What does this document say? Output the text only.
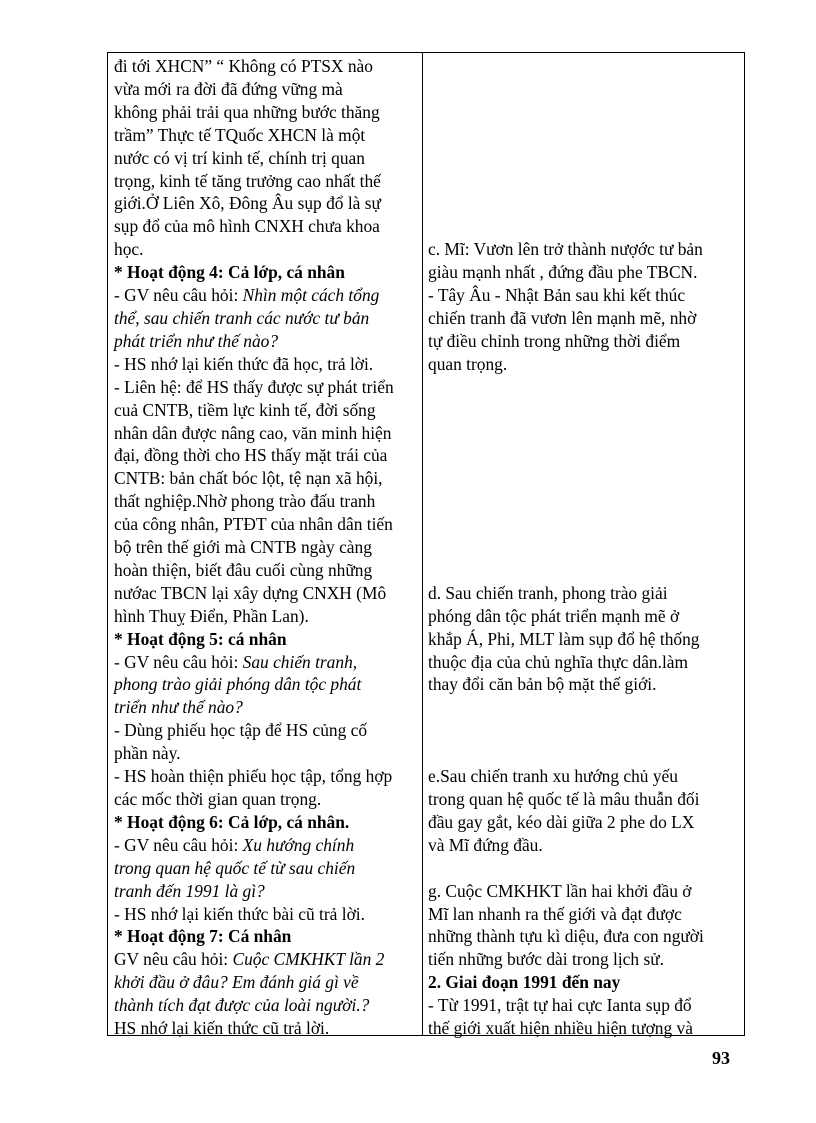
đi tới XHCN” “ Không có PTSX nào
vừa mới ra đời đã đứng vững mà
không phải trải qua những bước thăng
trầm” Thực tế TQuốc XHCN là một
nước có vị trí kinh tế, chính trị quan
trọng, kinh tế tăng trưởng cao nhất thế
giới.Ở Liên Xô, Đông Âu sụp đổ là sự
sụp đổ của mô hình CNXH chưa khoa
học.
* Hoạt động 4: Cả lớp, cá nhân
- GV nêu câu hỏi: Nhìn một cách tổng
thể, sau chiến tranh các nước tư bản
phát triển như thế nào?
- HS nhớ lại kiến thức đã học, trả lời.
- Liên hệ: để HS thấy được sự phát triển
cuả CNTB, tiềm lực kinh tế, đời sống
nhân dân được nâng cao, văn minh hiện
đại, đồng thời cho HS thấy mặt trái của
CNTB: bản chất bóc lột, tệ nạn xã hội,
thất nghiệp.Nhờ phong trào đấu tranh
của công nhân, PTĐT của nhân dân tiến
bộ trên thế giới mà CNTB ngày càng
hoàn thiện, biết đâu cuối cùng những
nướac TBCN lại xây dựng CNXH (Mô
hình Thuỵ Điển, Phần Lan).
* Hoạt động 5: cá nhân
- GV nêu câu hỏi: Sau chiến tranh,
phong trào giải phóng dân tộc phát
triển như thế nào?
- Dùng phiếu học tập để HS củng cố
phần này.
- HS hoàn thiện phiếu học tập, tổng hợp
các mốc thời gian quan trọng.
* Hoạt động 6: Cả lớp, cá nhân.
- GV nêu câu hỏi: Xu hướng chính
trong quan hệ quốc tế từ sau chiến
tranh đến 1991 là gì?
- HS nhớ lại kiến thức bài cũ trả lời.
* Hoạt động 7: Cá nhân
GV nêu câu hỏi: Cuộc CMKHKT lần 2
khởi đầu ở đâu? Em đánh giá gì về
thành tích đạt được của loài người.?
HS nhớ lại kiến thức cũ trả lời.

c. Mĩ: Vươn lên trở thành nượớc tư bản
giàu mạnh nhất , đứng đầu phe TBCN.
- Tây Âu - Nhật Bản sau khi kết thúc
chiến tranh đã vươn lên mạnh mẽ, nhờ
tự điều chỉnh trong những thời điểm
quan trọng.

d. Sau chiến tranh, phong trào giải
phóng dân tộc phát triển mạnh mẽ ở
khắp Á, Phi, MLT làm sụp đổ hệ thống
thuộc địa của chủ nghĩa thực dân.làm
thay đổi căn bản bộ mặt thế giới.

e.Sau chiến tranh xu hướng chủ yếu
trong quan hệ quốc tế là mâu thuẫn đối
đầu gay gắt, kéo dài giữa 2 phe do LX
và Mĩ đứng đầu.

g. Cuộc CMKHKT lần hai khởi đầu ở
Mĩ lan nhanh ra thế giới và đạt được
những thành tựu kì diệu, đưa con người
tiến những bước dài trong lịch sử.
2. Giai đoạn 1991 đến nay
- Từ 1991, trật tự hai cực Ianta sụp đổ
thế giới xuất hiện nhiều hiện tượng và
93
